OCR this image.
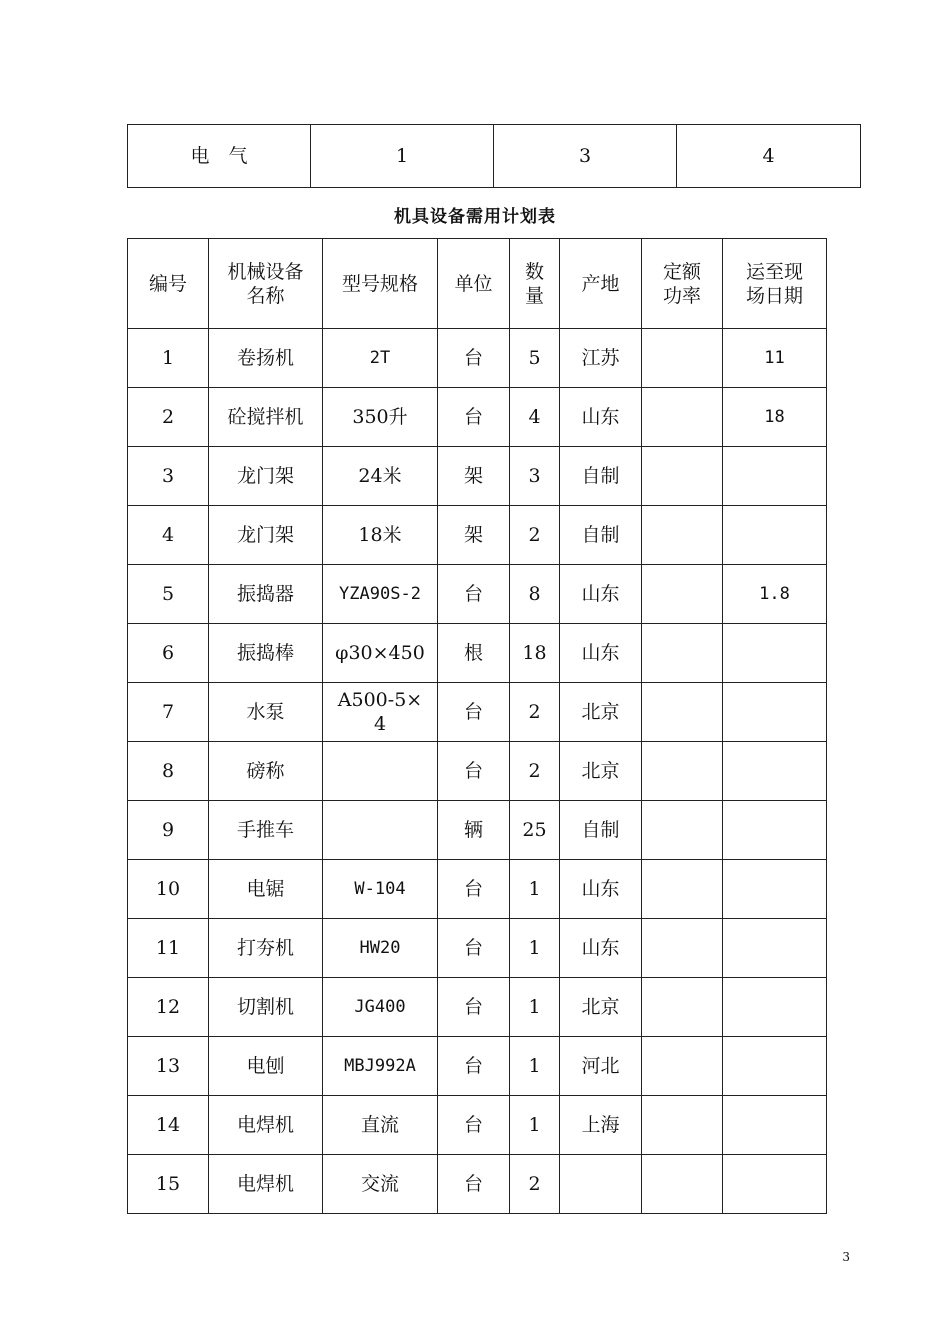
电　气	1	3	4
机具设备需用计划表
编号	机械设备名称	型号规格	单位	数量	产地	定额功率	运至现场日期

1	卷扬机	2T	台	5	江苏		11
2	砼搅拌机	350升	台	4	山东		18
3	龙门架	24米	架	3	自制		
4	龙门架	18米	架	2	自制		
5	振捣器	YZA90S-2	台	8	山东		1.8
6	振捣棒	φ30×450	根	18	山东		
7	水泵	A500-5×4	台	2	北京		
8	磅称		台	2	北京		
9	手推车		辆	25	自制		
10	电锯	W-104	台	1	山东		
11	打夯机	HW20	台	1	山东		
12	切割机	JG400	台	1	北京		
13	电刨	MBJ992A	台	1	河北		
14	电焊机	直流	台	1	上海		
15	电焊机	交流	台	2			
3
